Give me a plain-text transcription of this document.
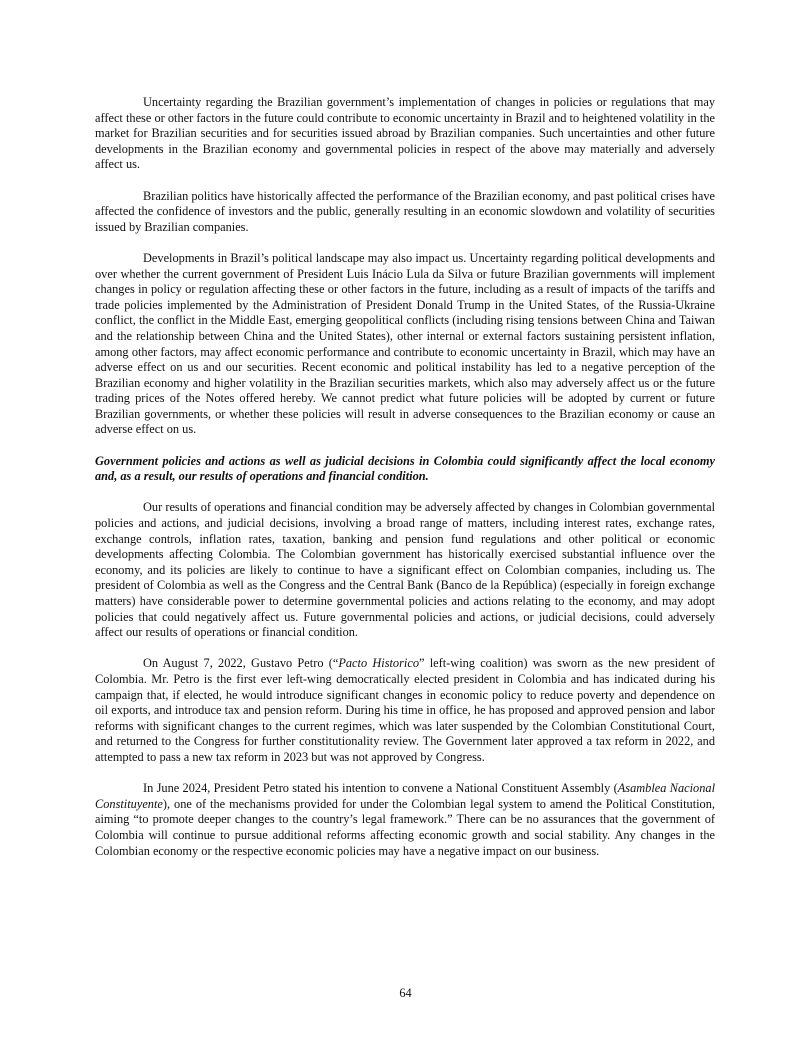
Uncertainty regarding the Brazilian government’s implementation of changes in policies or regulations that may affect these or other factors in the future could contribute to economic uncertainty in Brazil and to heightened volatility in the market for Brazilian securities and for securities issued abroad by Brazilian companies. Such uncertainties and other future developments in the Brazilian economy and governmental policies in respect of the above may materially and adversely affect us.

Brazilian politics have historically affected the performance of the Brazilian economy, and past political crises have affected the confidence of investors and the public, generally resulting in an economic slowdown and volatility of securities issued by Brazilian companies.

Developments in Brazil’s political landscape may also impact us. Uncertainty regarding political developments and over whether the current government of President Luis Inácio Lula da Silva or future Brazilian governments will implement changes in policy or regulation affecting these or other factors in the future, including as a result of impacts of the tariffs and trade policies implemented by the Administration of President Donald Trump in the United States, of the Russia-Ukraine conflict, the conflict in the Middle East, emerging geopolitical conflicts (including rising tensions between China and Taiwan and the relationship between China and the United States), other internal or external factors sustaining persistent inflation, among other factors, may affect economic performance and contribute to economic uncertainty in Brazil, which may have an adverse effect on us and our securities. Recent economic and political instability has led to a negative perception of the Brazilian economy and higher volatility in the Brazilian securities markets, which also may adversely affect us or the future trading prices of the Notes offered hereby. We cannot predict what future policies will be adopted by current or future Brazilian governments, or whether these policies will result in adverse consequences to the Brazilian economy or cause an adverse effect on us.

Government policies and actions as well as judicial decisions in Colombia could significantly affect the local economy and, as a result, our results of operations and financial condition.

Our results of operations and financial condition may be adversely affected by changes in Colombian governmental policies and actions, and judicial decisions, involving a broad range of matters, including interest rates, exchange rates, exchange controls, inflation rates, taxation, banking and pension fund regulations and other political or economic developments affecting Colombia. The Colombian government has historically exercised substantial influence over the economy, and its policies are likely to continue to have a significant effect on Colombian companies, including us. The president of Colombia as well as the Congress and the Central Bank (Banco de la República) (especially in foreign exchange matters) have considerable power to determine governmental policies and actions relating to the economy, and may adopt policies that could negatively affect us. Future governmental policies and actions, or judicial decisions, could adversely affect our results of operations or financial condition.

On August 7, 2022, Gustavo Petro (“Pacto Historico” left-wing coalition) was sworn as the new president of Colombia. Mr. Petro is the first ever left-wing democratically elected president in Colombia and has indicated during his campaign that, if elected, he would introduce significant changes in economic policy to reduce poverty and dependence on oil exports, and introduce tax and pension reform. During his time in office, he has proposed and approved pension and labor reforms with significant changes to the current regimes, which was later suspended by the Colombian Constitutional Court, and returned to the Congress for further constitutionality review. The Government later approved a tax reform in 2022, and attempted to pass a new tax reform in 2023 but was not approved by Congress.

In June 2024, President Petro stated his intention to convene a National Constituent Assembly (Asamblea Nacional Constituyente), one of the mechanisms provided for under the Colombian legal system to amend the Political Constitution, aiming “to promote deeper changes to the country’s legal framework.” There can be no assurances that the government of Colombia will continue to pursue additional reforms affecting economic growth and social stability. Any changes in the Colombian economy or the respective economic policies may have a negative impact on our business.

64
